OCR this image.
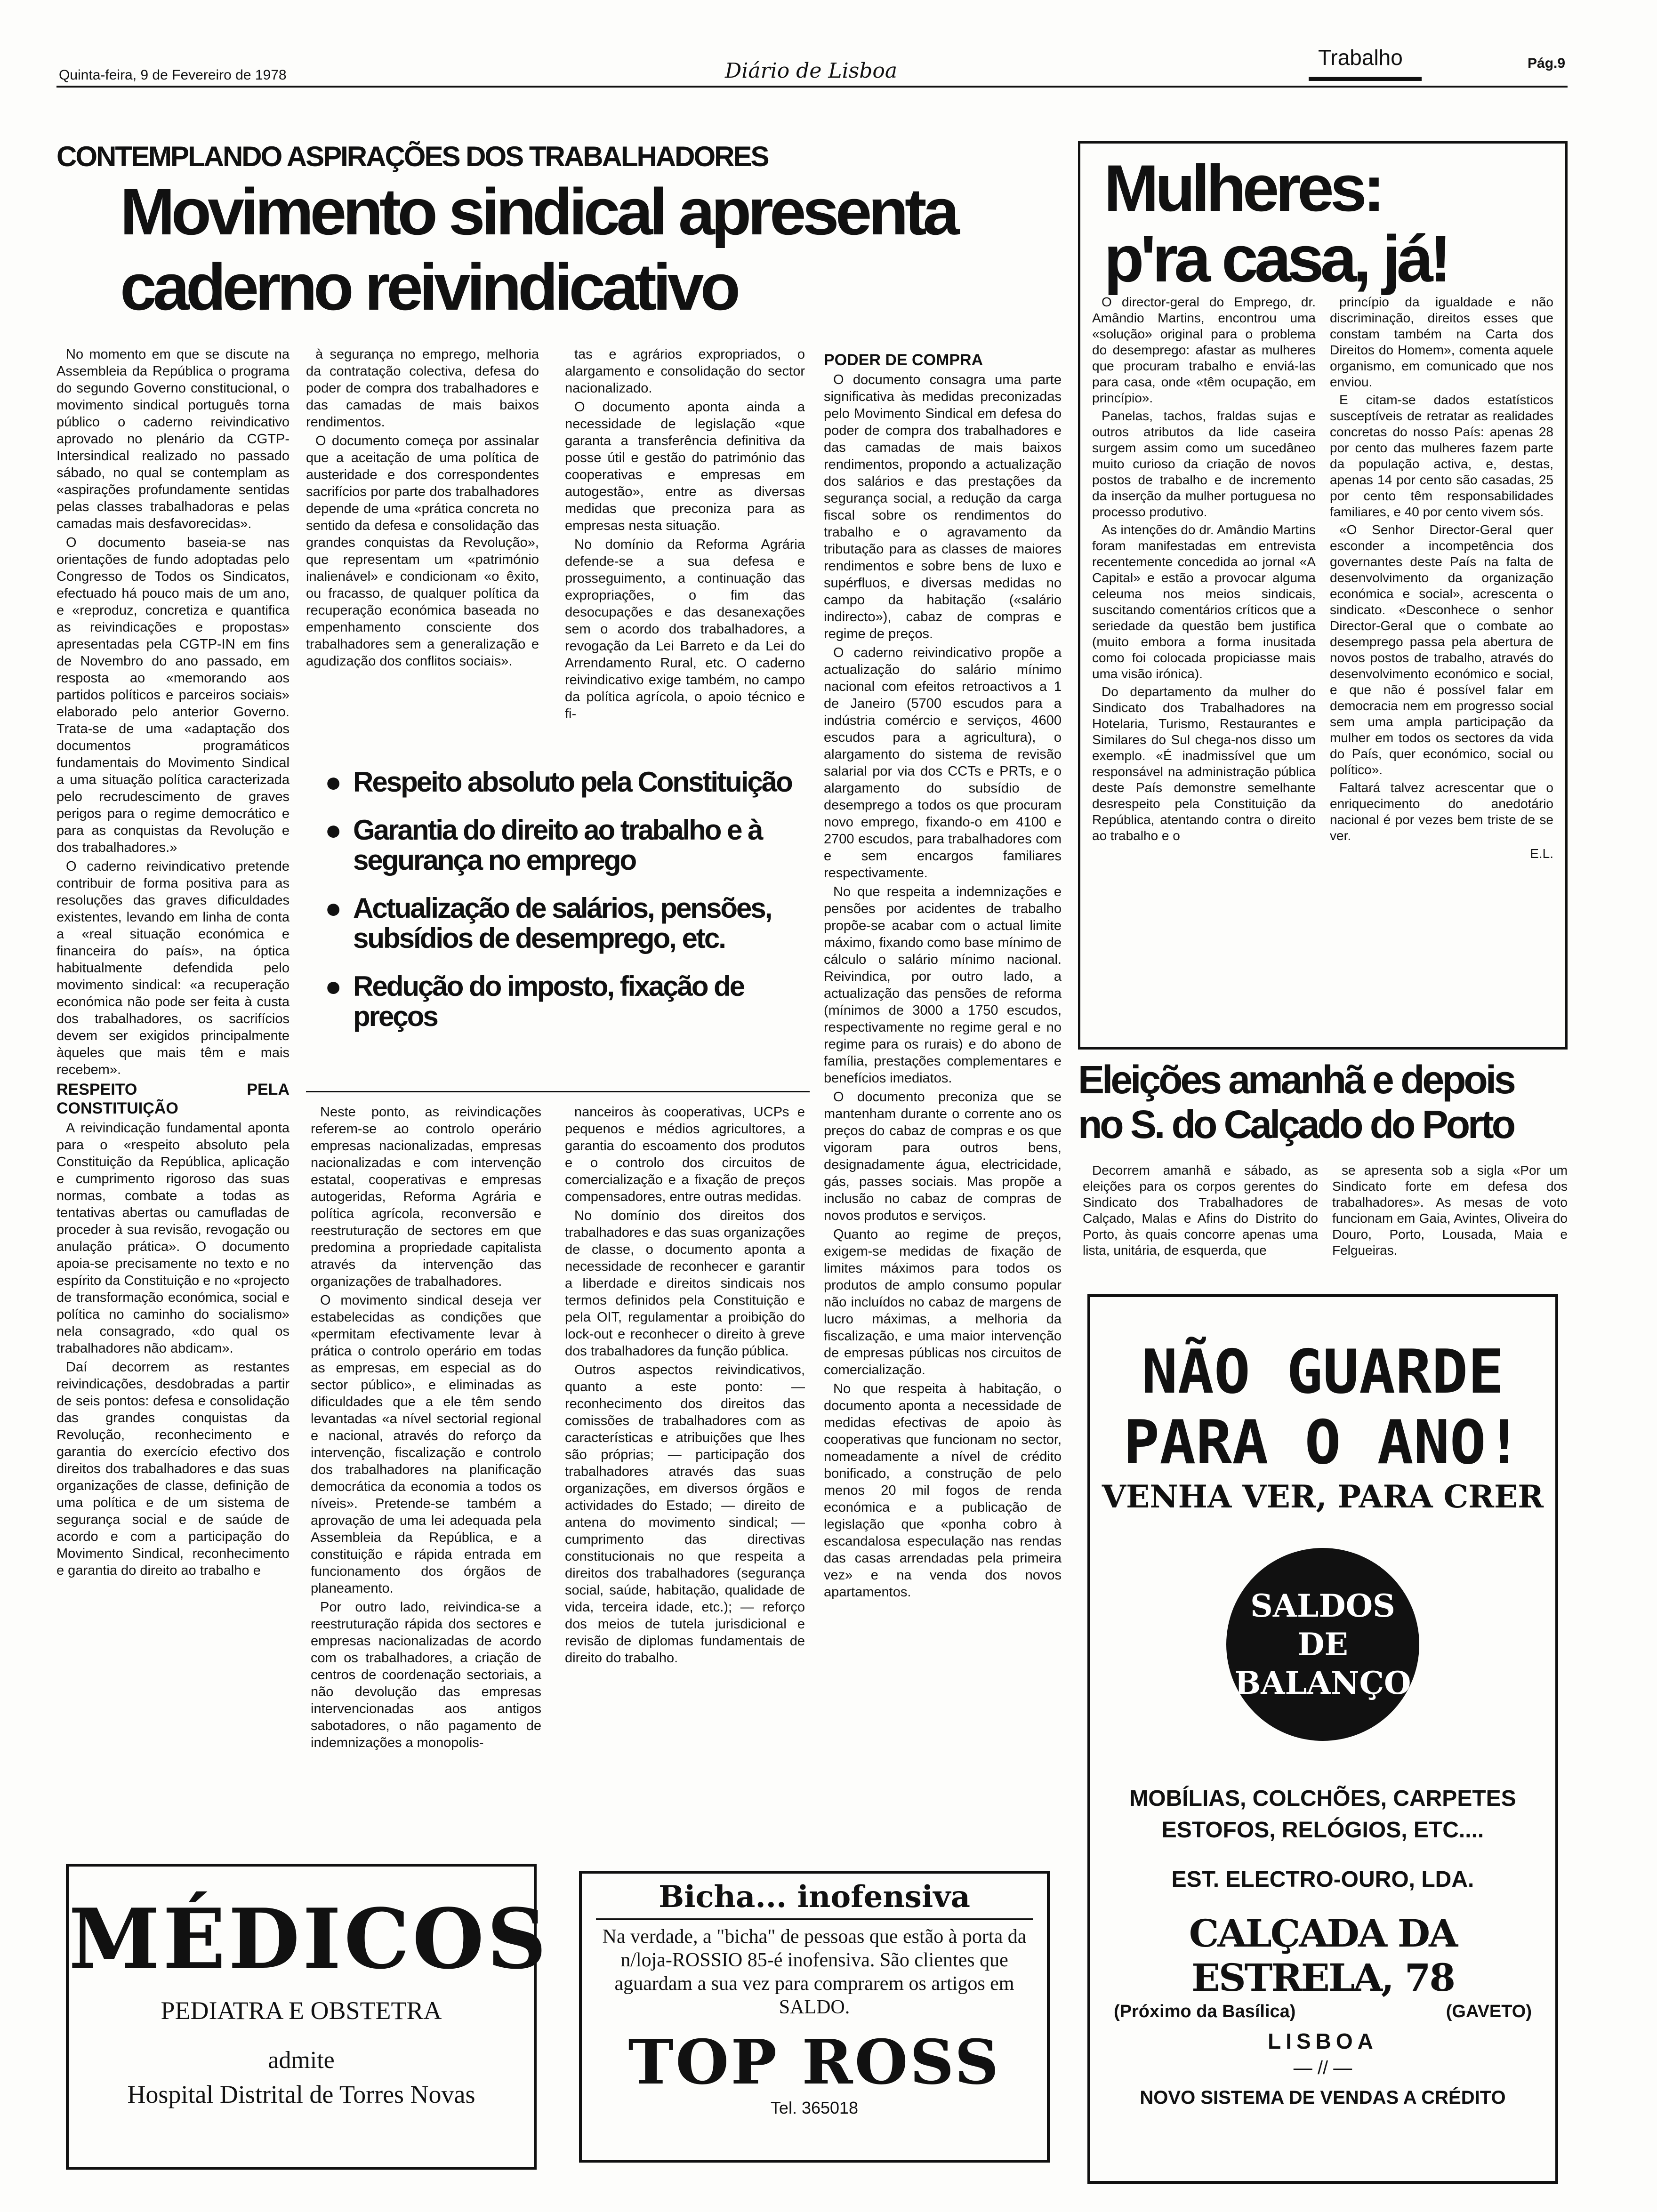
Quinta-feira, 9 de Fevereiro de 1978	Diário de Lisboa
Trabalho	Pág.9
CONTEMPLANDO ASPIRAÇÕES DOS TRABALHADORES
Movimento sindical apresenta
caderno reivindicativo

No momento em que se discute na Assembleia da República o programa do segundo Governo constitucional, o movimento sindical português torna público o caderno reivindicativo aprovado no plenário da CGTP-Intersindical realizado no passado sábado, no qual se contemplam as «aspirações profundamente sentidas pelas classes trabalhadoras e pelas camadas mais desfavorecidas».

O documento baseia-se nas orientações de fundo adoptadas pelo Congresso de Todos os Sindicatos, efectuado há pouco mais de um ano, e «reproduz, concretiza e quantifica as reivindicações e propostas» apresentadas pela CGTP-IN em fins de Novembro do ano passado, em resposta ao «memorando aos partidos políticos e parceiros sociais» elaborado pelo anterior Governo. Trata-se de uma «adaptação dos documentos programáticos fundamentais do Movimento Sindical a uma situação política caracterizada pelo recrudescimento de graves perigos para o regime democrático e para as conquistas da Revolução e dos trabalhadores.»

O caderno reivindicativo pretende contribuir de forma positiva para as resoluções das graves dificuldades existentes, levando em linha de conta a «real situação económica e financeira do país», na óptica habitualmente defendida pelo movimento sindical: «a recuperação económica não pode ser feita à custa dos trabalhadores, os sacrifícios devem ser exigidos principalmente àqueles que mais têm e mais recebem».

RESPEITO PELA CONSTITUIÇÃO

A reivindicação fundamental aponta para o «respeito absoluto pela Constituição da República, aplicação e cumprimento rigoroso das suas normas, combate a todas as tentativas abertas ou camufladas de proceder à sua revisão, revogação ou anulação prática». O documento apoia-se precisamente no texto e no espírito da Constituição e no «projecto de transformação económica, social e política no caminho do socialismo» nela consagrado, «do qual os trabalhadores não abdicam».

Daí decorrem as restantes reivindicações, desdobradas a partir de seis pontos: defesa e consolidação das grandes conquistas da Revolução, reconhecimento e garantia do exercício efectivo dos direitos dos trabalhadores e das suas organizações de classe, definição de uma política e de um sistema de segurança social e de saúde de acordo e com a participação do Movimento Sindical, reconhecimento e garantia do direito ao trabalho e

à segurança no emprego, melhoria da contratação colectiva, defesa do poder de compra dos trabalhadores e das camadas de mais baixos rendimentos.

O documento começa por assinalar que a aceitação de uma política de austeridade e dos correspondentes sacrifícios por parte dos trabalhadores depende de uma «prática concreta no sentido da defesa e consolidação das grandes conquistas da Revolução», que representam um «património inalienável» e condicionam «o êxito, ou fracasso, de qualquer política da recuperação económica baseada no empenhamento consciente dos trabalhadores sem a generalização e agudização dos conflitos sociais».

tas e agrários expropriados, o alargamento e consolidação do sector nacionalizado.

O documento aponta ainda a necessidade de legislação «que garanta a transferência definitiva da posse útil e gestão do património das cooperativas e empresas em autogestão», entre as diversas medidas que preconiza para as empresas nesta situação.

No domínio da Reforma Agrária defende-se a sua defesa e prosseguimento, a continuação das expropriações, o fim das desocupações e das desanexações sem o acordo dos trabalhadores, a revogação da Lei Barreto e da Lei do Arrendamento Rural, etc. O caderno reivindicativo exige também, no campo da política agrícola, o apoio técnico e fi-

● Respeito absoluto pela Constituição
● Garantia do direito ao trabalho e à segurança no emprego
● Actualização de salários, pensões, subsídios de desemprego, etc.
● Redução do imposto, fixação de preços

Neste ponto, as reivindicações referem-se ao controlo operário empresas nacionalizadas, empresas nacionalizadas e com intervenção estatal, cooperativas e empresas autogeridas, Reforma Agrária e política agrícola, reconversão e reestruturação de sectores em que predomina a propriedade capitalista através da intervenção das organizações de trabalhadores.

O movimento sindical deseja ver estabelecidas as condições que «permitam efectivamente levar à prática o controlo operário em todas as empresas, em especial as do sector público», e eliminadas as dificuldades que a ele têm sendo levantadas «a nível sectorial regional e nacional, através do reforço da intervenção, fiscalização e controlo dos trabalhadores na planificação democrática da economia a todos os níveis». Pretende-se também a aprovação de uma lei adequada pela Assembleia da República, e a constituição e rápida entrada em funcionamento dos órgãos de planeamento.

Por outro lado, reivindica-se a reestruturação rápida dos sectores e empresas nacionalizadas de acordo com os trabalhadores, a criação de centros de coordenação sectoriais, a não devolução das empresas intervencionadas aos antigos sabotadores, o não pagamento de indemnizações a monopolis-

nanceiros às cooperativas, UCPs e pequenos e médios agricultores, a garantia do escoamento dos produtos e o controlo dos circuitos de comercialização e a fixação de preços compensadores, entre outras medidas.

No domínio dos direitos dos trabalhadores e das suas organizações de classe, o documento aponta a necessidade de reconhecer e garantir a liberdade e direitos sindicais nos termos definidos pela Constituição e pela OIT, regulamentar a proibição do lock-out e reconhecer o direito à greve dos trabalhadores da função pública.

Outros aspectos reivindicativos, quanto a este ponto: — reconhecimento dos direitos das comissões de trabalhadores com as características e atribuições que lhes são próprias; — participação dos trabalhadores através das suas organizações, em diversos órgãos e actividades do Estado; — direito de antena do movimento sindical; — cumprimento das directivas constitucionais no que respeita a direitos dos trabalhadores (segurança social, saúde, habitação, qualidade de vida, terceira idade, etc.); — reforço dos meios de tutela jurisdicional e revisão de diplomas fundamentais de direito do trabalho.

PODER DE COMPRA

O documento consagra uma parte significativa às medidas preconizadas pelo Movimento Sindical em defesa do poder de compra dos trabalhadores e das camadas de mais baixos rendimentos, propondo a actualização dos salários e das prestações da segurança social, a redução da carga fiscal sobre os rendimentos do trabalho e o agravamento da tributação para as classes de maiores rendimentos e sobre bens de luxo e supérfluos, e diversas medidas no campo da habitação («salário indirecto»), cabaz de compras e regime de preços.

O caderno reivindicativo propõe a actualização do salário mínimo nacional com efeitos retroactivos a 1 de Janeiro (5700 escudos para a indústria comércio e serviços, 4600 escudos para a agricultura), o alargamento do sistema de revisão salarial por via dos CCTs e PRTs, e o alargamento do subsídio de desemprego a todos os que procuram novo emprego, fixando-o em 4100 e 2700 escudos, para trabalhadores com e sem encargos familiares respectivamente.

No que respeita a indemnizações e pensões por acidentes de trabalho propõe-se acabar com o actual limite máximo, fixando como base mínimo de cálculo o salário mínimo nacional. Reivindica, por outro lado, a actualização das pensões de reforma (mínimos de 3000 a 1750 escudos, respectivamente no regime geral e no regime para os rurais) e do abono de família, prestações complementares e benefícios imediatos.

O documento preconiza que se mantenham durante o corrente ano os preços do cabaz de compras e os que vigoram para outros bens, designadamente água, electricidade, gás, passes sociais. Mas propõe a inclusão no cabaz de compras de novos produtos e serviços.

Quanto ao regime de preços, exigem-se medidas de fixação de limites máximos para todos os produtos de amplo consumo popular não incluídos no cabaz de margens de lucro máximas, a melhoria da fiscalização, e uma maior intervenção de empresas públicas nos circuitos de comercialização.

No que respeita à habitação, o documento aponta a necessidade de medidas efectivas de apoio às cooperativas que funcionam no sector, nomeadamente a nível de crédito bonificado, a construção de pelo menos 20 mil fogos de renda económica e a publicação de legislação que «ponha cobro à escandalosa especulação nas rendas das casas arrendadas pela primeira vez» e na venda dos novos apartamentos.

Mulheres:
p'ra casa, já!

O director-geral do Emprego, dr. Amândio Martins, encontrou uma «solução» original para o problema do desemprego: afastar as mulheres que procuram trabalho e enviá-las para casa, onde «têm ocupação, em princípio».

Panelas, tachos, fraldas sujas e outros atributos da lide caseira surgem assim como um sucedâneo muito curioso da criação de novos postos de trabalho e de incremento da inserção da mulher portuguesa no processo produtivo.

As intenções do dr. Amândio Martins foram manifestadas em entrevista recentemente concedida ao jornal «A Capital» e estão a provocar alguma celeuma nos meios sindicais, suscitando comentários críticos que a seriedade da questão bem justifica (muito embora a forma inusitada como foi colocada propiciasse mais uma visão irónica).

Do departamento da mulher do Sindicato dos Trabalhadores na Hotelaria, Turismo, Restaurantes e Similares do Sul chega-nos disso um exemplo. «É inadmissível que um responsável na administração pública deste País demonstre semelhante desrespeito pela Constituição da República, atentando contra o direito ao trabalho e o

princípio da igualdade e não discriminação, direitos esses que constam também na Carta dos Direitos do Homem», comenta aquele organismo, em comunicado que nos enviou.

E citam-se dados estatísticos susceptíveis de retratar as realidades concretas do nosso País: apenas 28 por cento das mulheres fazem parte da população activa, e, destas, apenas 14 por cento são casadas, 25 por cento têm responsabilidades familiares, e 40 por cento vivem sós.

«O Senhor Director-Geral quer esconder a incompetência dos governantes deste País na falta de desenvolvimento da organização económica e social», acrescenta o sindicato. «Desconhece o senhor Director-Geral que o combate ao desemprego passa pela abertura de novos postos de trabalho, através do desenvolvimento económico e social, e que não é possível falar em democracia nem em progresso social sem uma ampla participação da mulher em todos os sectores da vida do País, quer económico, social ou político».

Faltará talvez acrescentar que o enriquecimento do anedotário nacional é por vezes bem triste de se ver.

E.L.

Eleições amanhã e depois
no S. do Calçado do Porto

Decorrem amanhã e sábado, as eleições para os corpos gerentes do Sindicato dos Trabalhadores de Calçado, Malas e Afins do Distrito do Porto, às quais concorre apenas uma lista, unitária, de esquerda, que

se apresenta sob a sigla «Por um Sindicato forte em defesa dos trabalhadores». As mesas de voto funcionam em Gaia, Avintes, Oliveira do Douro, Porto, Lousada, Maia e Felgueiras.

NÃO GUARDE
PARA O ANO!
VENHA VER, PARA CRER
SALDOS
DE
BALANÇO
MOBÍLIAS, COLCHÕES, CARPETES
ESTOFOS, RELÓGIOS, ETC....
EST. ELECTRO-OURO, LDA.
CALÇADA DA ESTRELA, 78
(Próximo da Basílica)	(GAVETO)
LISBOA
— // —
NOVO SISTEMA DE VENDAS A CRÉDITO
MÉDICOS
PEDIATRA E OBSTETRA
admite
Hospital Distrital de Torres Novas
Bicha... inofensiva
Na verdade, a "bicha" de pessoas que estão à porta da n/loja-ROSSIO 85-é inofensiva. São clientes que aguardam a sua vez para comprarem os artigos em SALDO.
TOP ROSS
Tel. 365018
